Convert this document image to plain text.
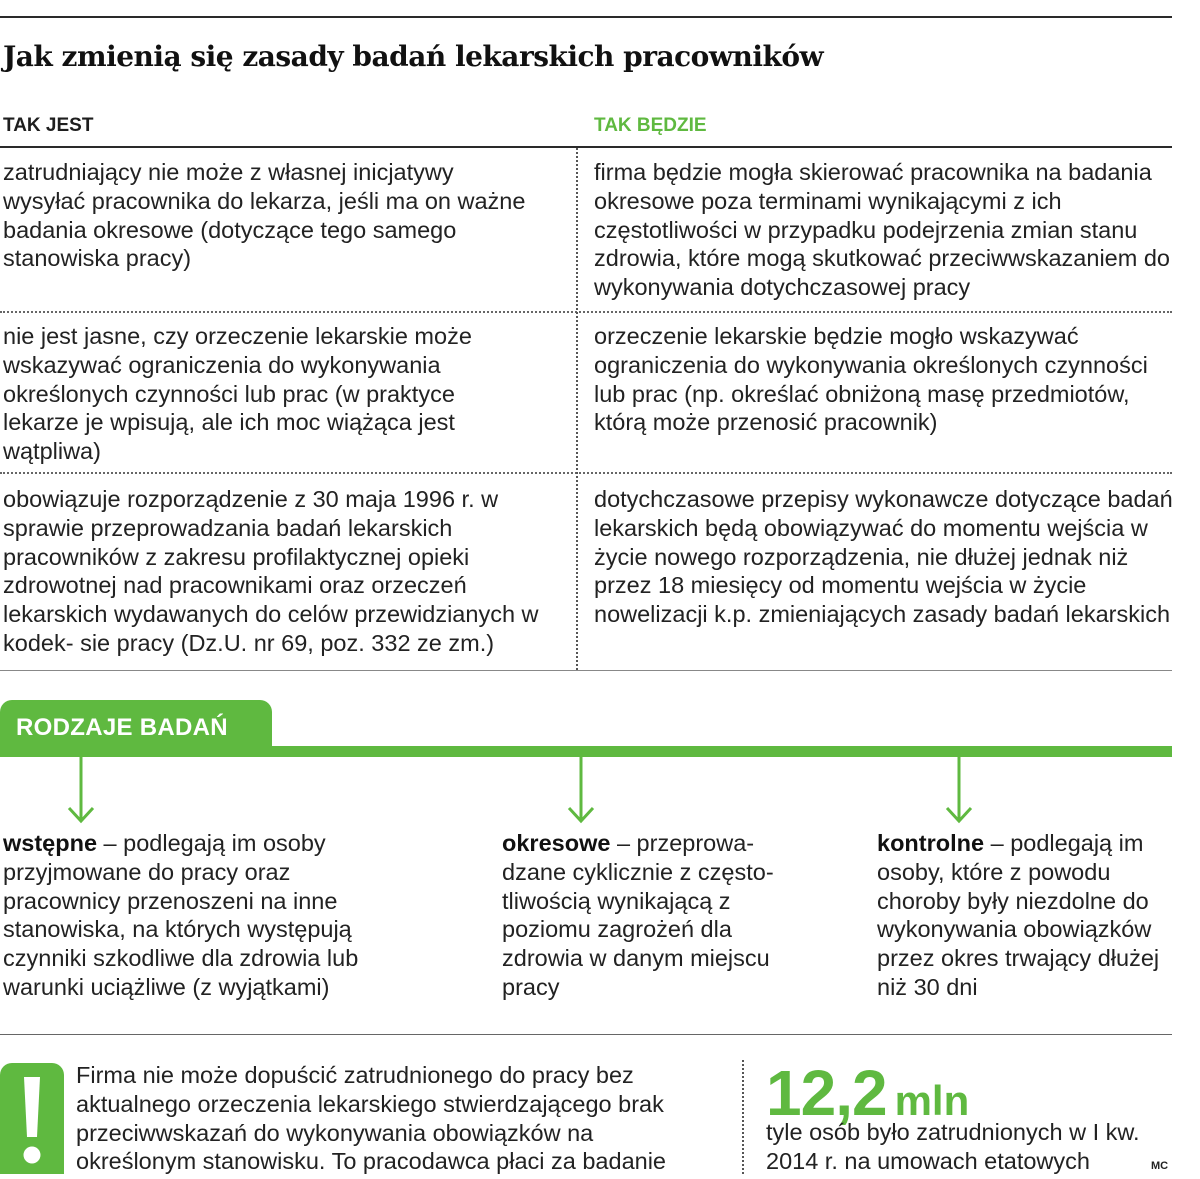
Jak zmienią się zasady badań lekarskich pracowników
TAK JEST	TAK BĘDZIE
zatrudniający nie może z własnej inicjatywy wysyłać pracownika do lekarza, jeśli ma on ważne badania okresowe (dotyczące tego samego stanowiska pracy)
firma będzie mogła skierować pracownika na badania okresowe poza terminami wynikającymi z ich częstotliwości w przypadku podejrzenia zmian stanu zdrowia, które mogą skutkować przeciwwskazaniem do wykonywania dotychczasowej pracy
nie jest jasne, czy orzeczenie lekarskie może wskazywać ograniczenia do wykonywania określonych czynności lub prac (w praktyce lekarze je wpisują, ale ich moc wiążąca jest wątpliwa)
orzeczenie lekarskie będzie mogło wskazywać ograniczenia do wykonywania określonych czynności lub prac (np. określać obniżoną masę przedmiotów, którą może przenosić pracownik)
obowiązuje rozporządzenie z 30 maja 1996 r. w sprawie przeprowadzania badań lekarskich pracowników z zakresu profilaktycznej opieki zdrowotnej nad pracownikami oraz orzeczeń lekarskich wydawanych do celów przewidzianych w kodek- sie pracy (Dz.U. nr 69, poz. 332 ze zm.)
dotychczasowe przepisy wykonawcze dotyczące badań lekarskich będą obowiązywać do momentu wejścia w życie nowego rozporządzenia, nie dłużej jednak niż przez 18 miesięcy od momentu wejścia w życie nowelizacji k.p. zmieniających zasady badań lekarskich
RODZAJE BADAŃ
wstępne – podlegają im osoby przyjmowane do pracy oraz pracownicy przenoszeni na inne stanowiska, na których występują czynniki szkodliwe dla zdrowia lub warunki uciążliwe (z wyjątkami)
okresowe – przeprowadzane cyklicznie z częstotliwością wynikającą z poziomu zagrożeń dla zdrowia w danym miejscu pracy
kontrolne – podlegają im osoby, które z powodu choroby były niezdolne do wykonywania obowiązków przez okres trwający dłużej niż 30 dni
Firma nie może dopuścić zatrudnionego do pracy bez aktualnego orzeczenia lekarskiego stwierdzającego brak przeciwwskazań do wykonywania obowiązków na określonym stanowisku. To pracodawca płaci za badanie
12,2 mln
tyle osób było zatrudnionych w I kw. 2014 r. na umowach etatowych	MC
